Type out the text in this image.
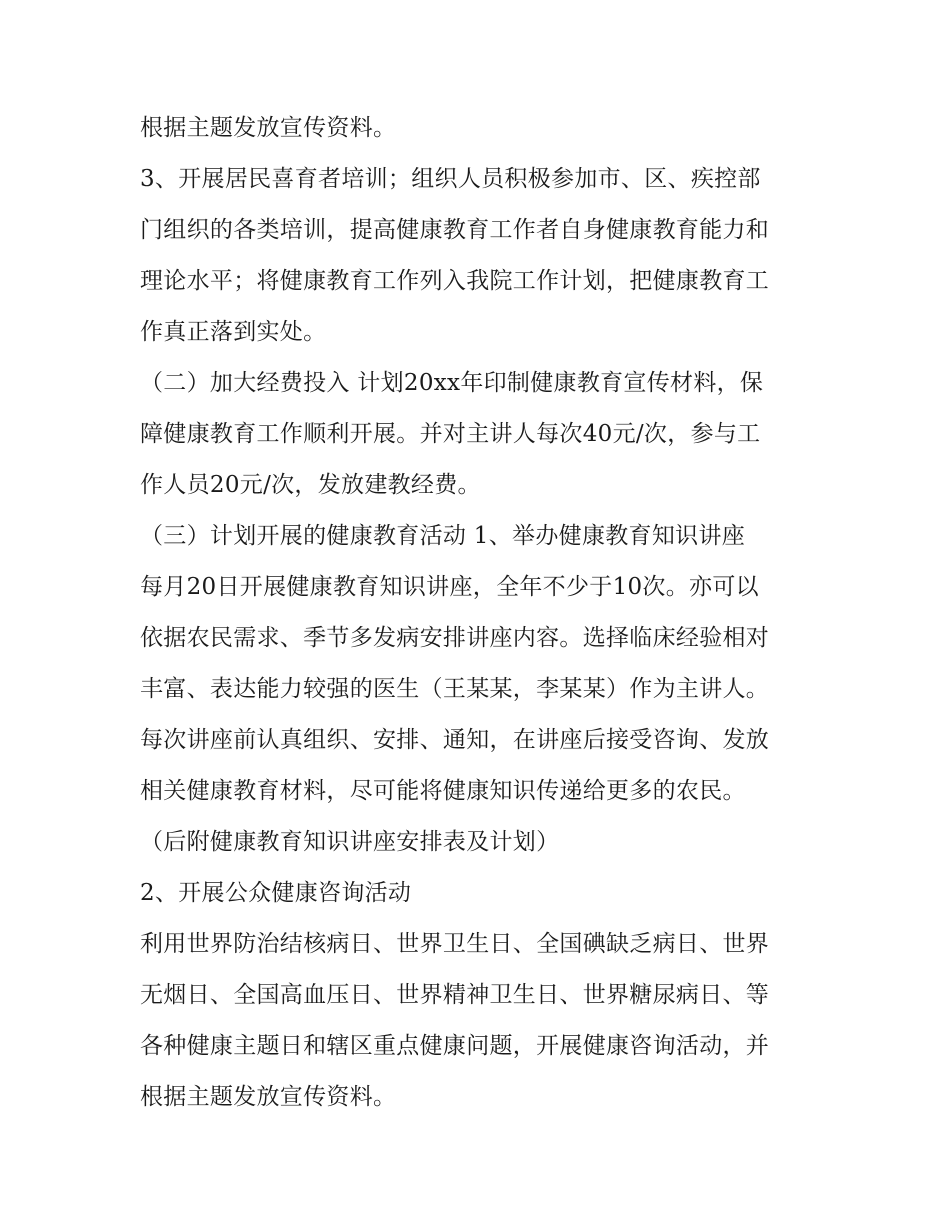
根据主题发放宣传资料。
3、开展居民喜育者培训；组织人员积极参加市、区、疾控部
门组织的各类培训，提高健康教育工作者自身健康教育能力和
理论水平；将健康教育工作列入我院工作计划，把健康教育工
作真正落到实处。
（二）加大经费投入 计划20xx年印制健康教育宣传材料，保
障健康教育工作顺利开展。并对主讲人每次40元/次，参与工
作人员20元/次，发放建教经费。
（三）计划开展的健康教育活动 1、举办健康教育知识讲座
每月20日开展健康教育知识讲座，全年不少于10次。亦可以
依据农民需求、季节多发病安排讲座内容。选择临床经验相对
丰富、表达能力较强的医生（王某某，李某某）作为主讲人。
每次讲座前认真组织、安排、通知，在讲座后接受咨询、发放
相关健康教育材料，尽可能将健康知识传递给更多的农民。
（后附健康教育知识讲座安排表及计划）
2、开展公众健康咨询活动
利用世界防治结核病日、世界卫生日、全国碘缺乏病日、世界
无烟日、全国高血压日、世界精神卫生日、世界糖尿病日、等
各种健康主题日和辖区重点健康问题，开展健康咨询活动，并
根据主题发放宣传资料。
